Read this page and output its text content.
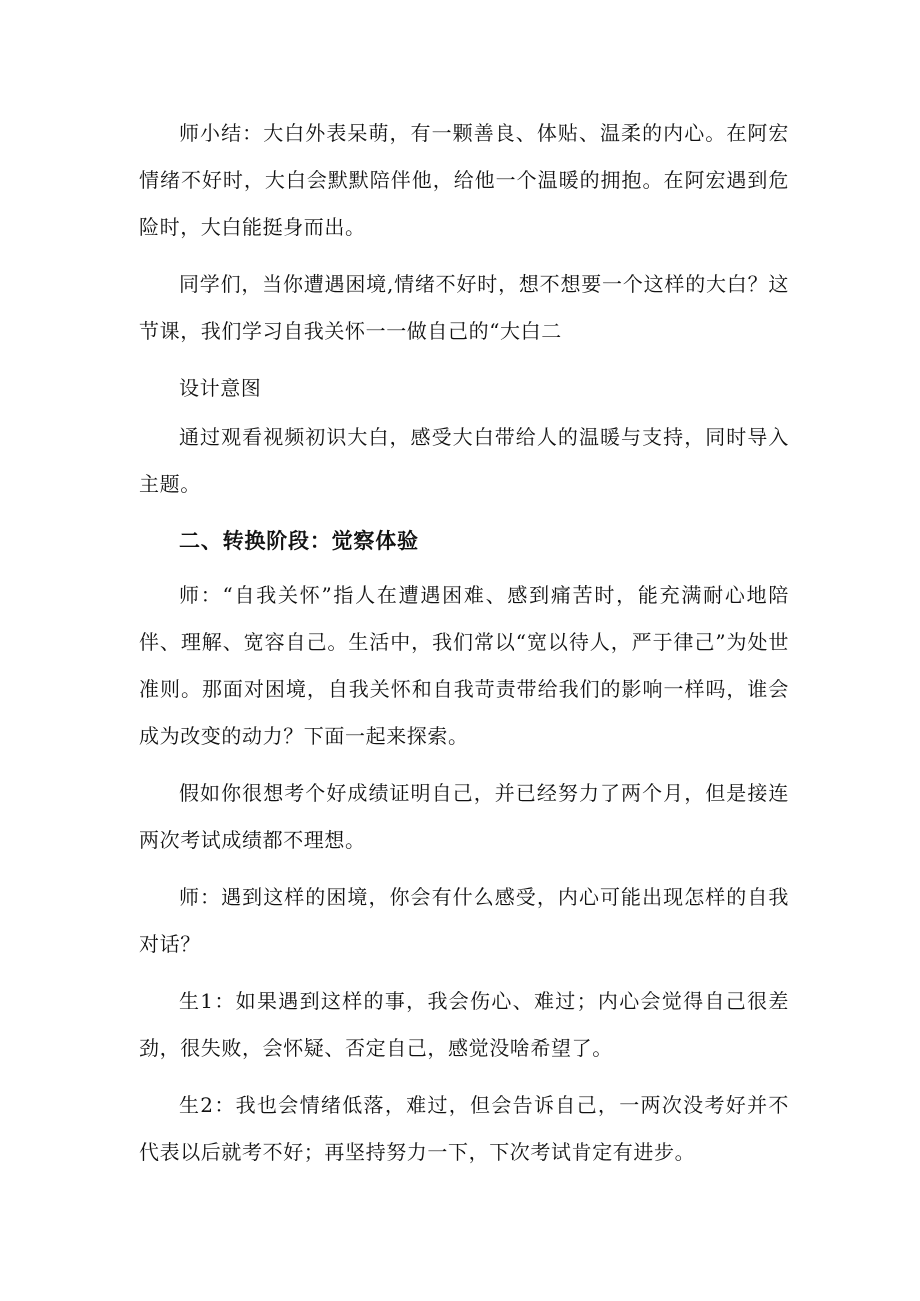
师小结：大白外表呆萌，有一颗善良、体贴、温柔的内心。在阿宏情绪不好时，大白会默默陪伴他，给他一个温暖的拥抱。在阿宏遇到危险时，大白能挺身而出。

同学们，当你遭遇困境,情绪不好时，想不想要一个这样的大白？这节课，我们学习自我关怀一一做自己的“大白二

设计意图

通过观看视频初识大白，感受大白带给人的温暖与支持，同时导入主题。

二、转换阶段：觉察体验

师：“自我关怀”指人在遭遇困难、感到痛苦时，能充满耐心地陪伴、理解、宽容自己。生活中，我们常以“宽以待人，严于律己”为处世准则。那面对困境，自我关怀和自我苛责带给我们的影响一样吗，谁会成为改变的动力？下面一起来探索。

假如你很想考个好成绩证明自己，并已经努力了两个月，但是接连两次考试成绩都不理想。

师：遇到这样的困境，你会有什么感受，内心可能出现怎样的自我对话？

生1：如果遇到这样的事，我会伤心、难过；内心会觉得自己很差劲，很失败，会怀疑、否定自己，感觉没啥希望了。

生2：我也会情绪低落，难过，但会告诉自己，一两次没考好并不代表以后就考不好；再坚持努力一下，下次考试肯定有进步。
